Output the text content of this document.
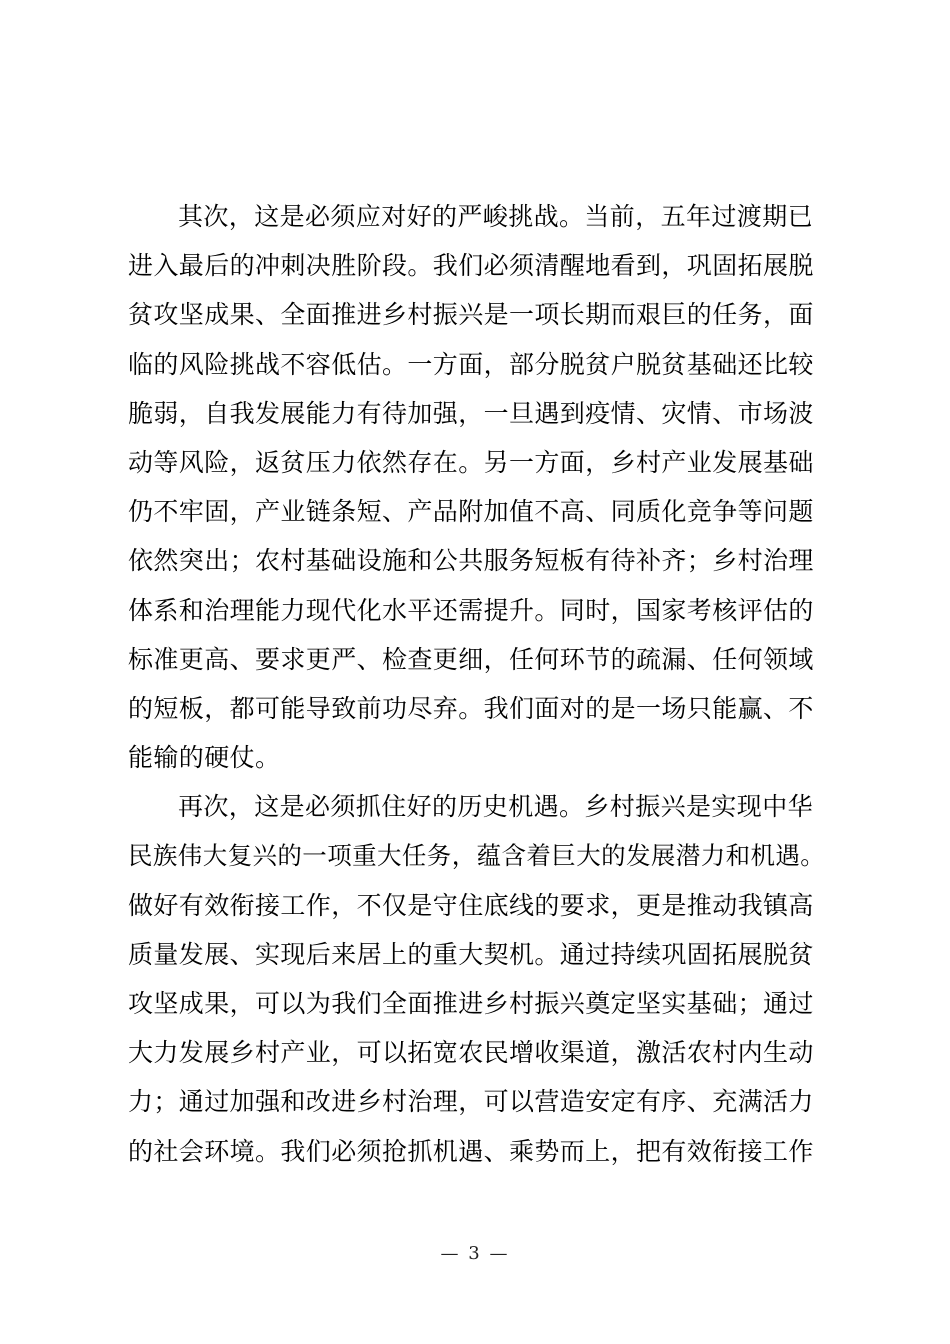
其次，这是必须应对好的严峻挑战。当前，五年过渡期已
进入最后的冲刺决胜阶段。我们必须清醒地看到，巩固拓展脱
贫攻坚成果、全面推进乡村振兴是一项长期而艰巨的任务，面
临的风险挑战不容低估。一方面，部分脱贫户脱贫基础还比较
脆弱，自我发展能力有待加强，一旦遇到疫情、灾情、市场波
动等风险，返贫压力依然存在。另一方面，乡村产业发展基础
仍不牢固，产业链条短、产品附加值不高、同质化竞争等问题
依然突出；农村基础设施和公共服务短板有待补齐；乡村治理
体系和治理能力现代化水平还需提升。同时，国家考核评估的
标准更高、要求更严、检查更细，任何环节的疏漏、任何领域
的短板，都可能导致前功尽弃。我们面对的是一场只能赢、不
能输的硬仗。
再次，这是必须抓住好的历史机遇。乡村振兴是实现中华
民族伟大复兴的一项重大任务，蕴含着巨大的发展潜力和机遇。
做好有效衔接工作，不仅是守住底线的要求，更是推动我镇高
质量发展、实现后来居上的重大契机。通过持续巩固拓展脱贫
攻坚成果，可以为我们全面推进乡村振兴奠定坚实基础；通过
大力发展乡村产业，可以拓宽农民增收渠道，激活农村内生动
力；通过加强和改进乡村治理，可以营造安定有序、充满活力
的社会环境。我们必须抢抓机遇、乘势而上，把有效衔接工作
— 3 —
